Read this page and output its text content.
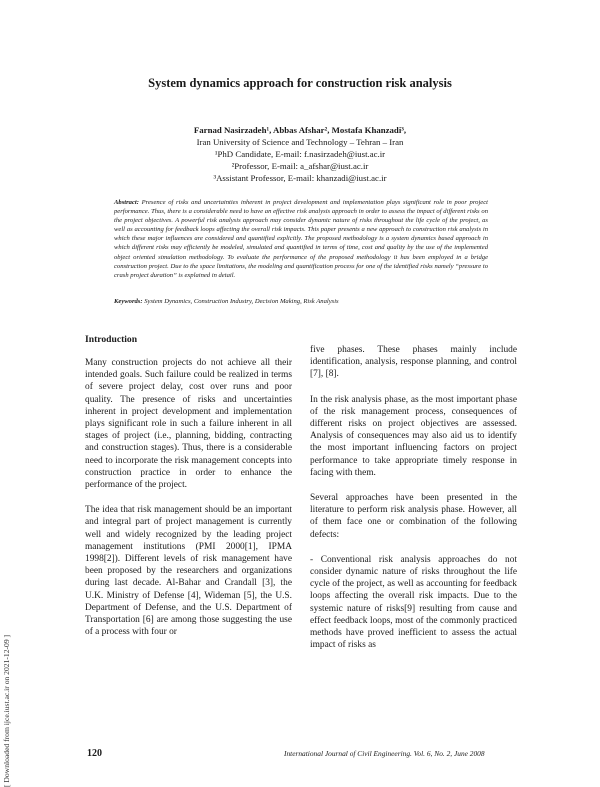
System dynamics approach for construction risk analysis
Farnad Nasirzadeh¹, Abbas Afshar², Mostafa Khanzadi³,
Iran University of Science and Technology – Tehran – Iran
¹PhD Candidate, E-mail: f.nasirzadeh@iust.ac.ir
²Professor, E-mail: a_afshar@iust.ac.ir
³Assistant Professor, E-mail: khanzadi@iust.ac.ir
Abstract: Presence of risks and uncertainties inherent in project development and implementation plays significant role in poor project performance. Thus, there is a considerable need to have an effective risk analysis approach in order to assess the impact of different risks on the project objectives. A powerful risk analysis approach may consider dynamic nature of risks throughout the life cycle of the project, as well as accounting for feedback loops affecting the overall risk impacts. This paper presents a new approach to construction risk analysis in which these major influences are considered and quantified explicitly. The proposed methodology is a system dynamics based approach in which different risks may efficiently be modeled, simulated and quantified in terms of time, cost and quality by the use of the implemented object oriented simulation methodology. To evaluate the performance of the proposed methodology it has been employed in a bridge construction project. Due to the space limitations, the modeling and quantification process for one of the identified risks namely “pressure to crash project duration” is explained in detail.
Keywords: System Dynamics, Construction Industry, Decision Making, Risk Analysis
Introduction

Many construction projects do not achieve all their intended goals. Such failure could be realized in terms of severe project delay, cost over runs and poor quality. The presence of risks and uncertainties inherent in project development and implementation plays significant role in such a failure inherent in all stages of project (i.e., planning, bidding, contracting and construction stages). Thus, there is a considerable need to incorporate the risk management concepts into construction practice in order to enhance the performance of the project.

The idea that risk management should be an important and integral part of project management is currently well and widely recognized by the leading project management institutions (PMI 2000[1], IPMA 1998[2]). Different levels of risk management have been proposed by the researchers and organizations during last decade. Al-Bahar and Crandall [3], the U.K. Ministry of Defense [4], Wideman [5], the U.S. Department of Defense, and the U.S. Department of Transportation [6] are among those suggesting the use of a process with four or

five phases. These phases mainly include identification, analysis, response planning, and control [7], [8].

In the risk analysis phase, as the most important phase of the risk management process, consequences of different risks on project objectives are assessed. Analysis of consequences may also aid us to identify the most important influencing factors on project performance to take appropriate timely response in facing with them.

Several approaches have been presented in the literature to perform risk analysis phase. However, all of them face one or combination of the following defects:

- Conventional risk analysis approaches do not consider dynamic nature of risks throughout the life cycle of the project, as well as accounting for feedback loops affecting the overall risk impacts. Due to the systemic nature of risks[9] resulting from cause and effect feedback loops, most of the commonly practiced methods have proved inefficient to assess the actual impact of risks as

[ Downloaded from ijce.iust.ac.ir on 2021-12-09 ]	120	International Journal of Civil Engineering. Vol. 6, No. 2, June 2008
